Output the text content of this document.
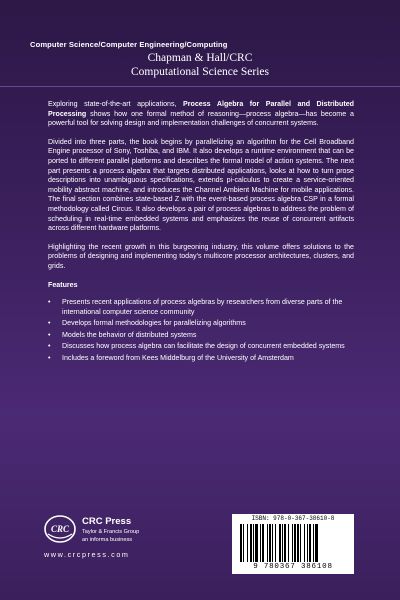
Computer Science/Computer Engineering/Computing
Chapman & Hall/CRC
Computational Science Series

Exploring state-of-the-art applications, Process Algebra for Parallel and Distributed Processing shows how one formal method of reasoning—process algebra—has become a powerful tool for solving design and implementation challenges of concurrent systems.

Divided into three parts, the book begins by parallelizing an algorithm for the Cell Broadband Engine processor of Sony, Toshiba, and IBM. It also develops a runtime environment that can be ported to different parallel platforms and describes the formal model of action systems. The next part presents a process algebra that targets distributed applications, looks at how to turn prose descriptions into unambiguous specifications, extends pi-calculus to create a service-oriented mobility abstract machine, and introduces the Channel Ambient Machine for mobile applications. The final section combines state-based Z with the event-based process algebra CSP in a formal methodology called Circus. It also develops a pair of process algebras to address the problem of scheduling in real-time embedded systems and emphasizes the reuse of concurrent artifacts across different hardware platforms.

Highlighting the recent growth in this burgeoning industry, this volume offers solutions to the problems of designing and implementing today's multicore processor architectures, clusters, and grids.

Features
• Presents recent applications of process algebras by researchers from diverse parts of the international computer science community
• Develops formal methodologies for parallelizing algorithms
• Models the behavior of distributed systems
• Discusses how process algebra can facilitate the design of concurrent embedded systems
• Includes a foreword from Kees Middelburg of the University of Amsterdam
CRC
CRC Press
Taylor & Francis Group
an informa business
www.crcpress.com
ISBN: 978-0-367-38610-8
9 780367 386108
